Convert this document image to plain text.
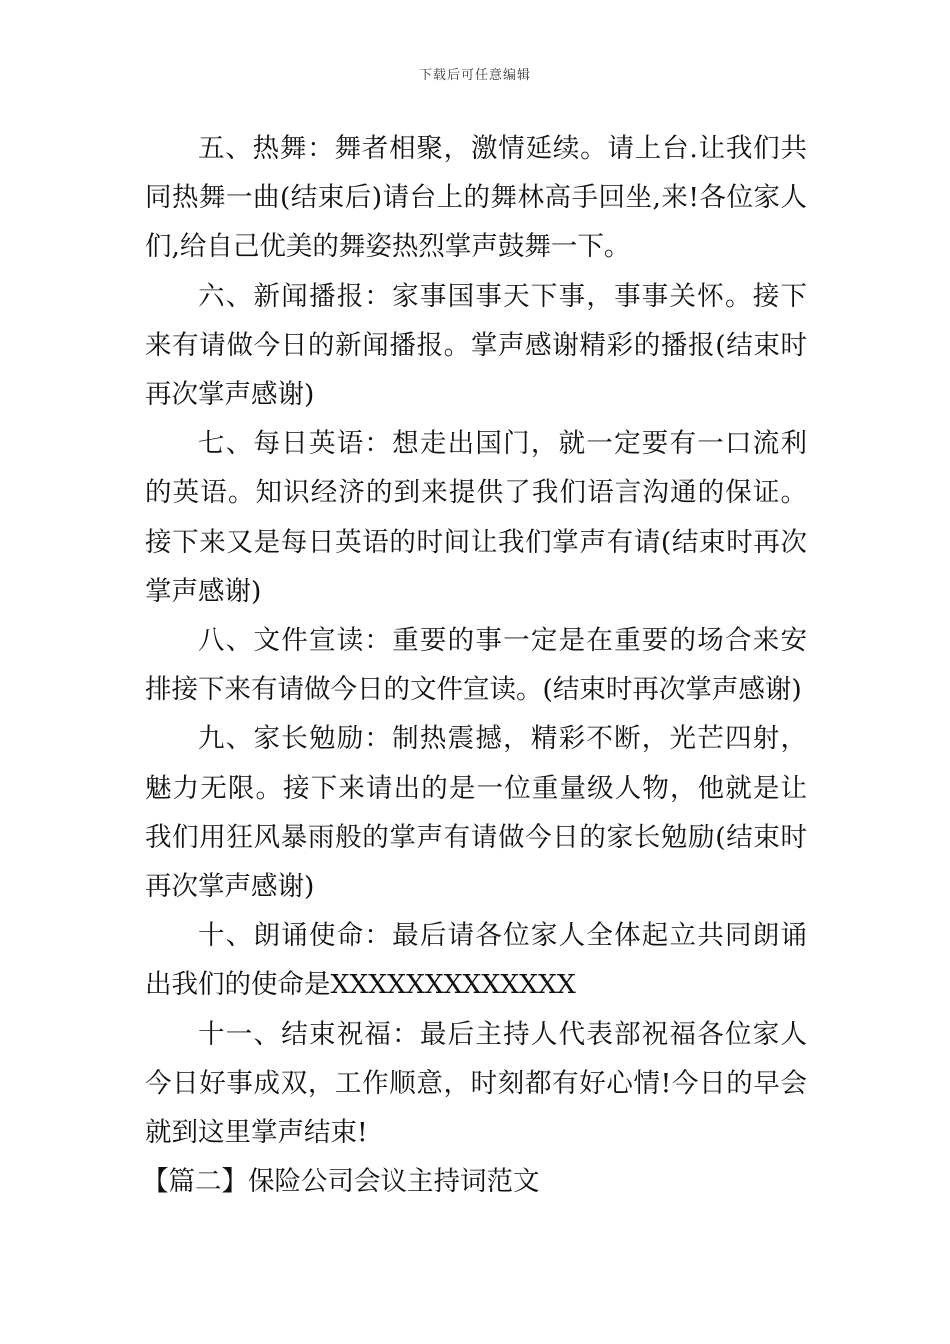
下载后可任意编辑

五、热舞：舞者相聚，激情延续。请上台.让我们共同热舞一曲(结束后)请台上的舞林高手回坐,来!各位家人们,给自己优美的舞姿热烈掌声鼓舞一下。

六、新闻播报：家事国事天下事，事事关怀。接下来有请做今日的新闻播报。掌声感谢精彩的播报(结束时再次掌声感谢)

七、每日英语：想走出国门，就一定要有一口流利的英语。知识经济的到来提供了我们语言沟通的保证。接下来又是每日英语的时间让我们掌声有请(结束时再次掌声感谢)

八、文件宣读：重要的事一定是在重要的场合来安排接下来有请做今日的文件宣读。(结束时再次掌声感谢)

九、家长勉励：制热震撼，精彩不断，光芒四射，魅力无限。接下来请出的是一位重量级人物，他就是让我们用狂风暴雨般的掌声有请做今日的家长勉励(结束时再次掌声感谢)

十、朗诵使命：最后请各位家人全体起立共同朗诵出我们的使命是XXXXXXXXXXXXX

十一、结束祝福：最后主持人代表部祝福各位家人今日好事成双，工作顺意，时刻都有好心情!今日的早会就到这里掌声结束!

【篇二】保险公司会议主持词范文
